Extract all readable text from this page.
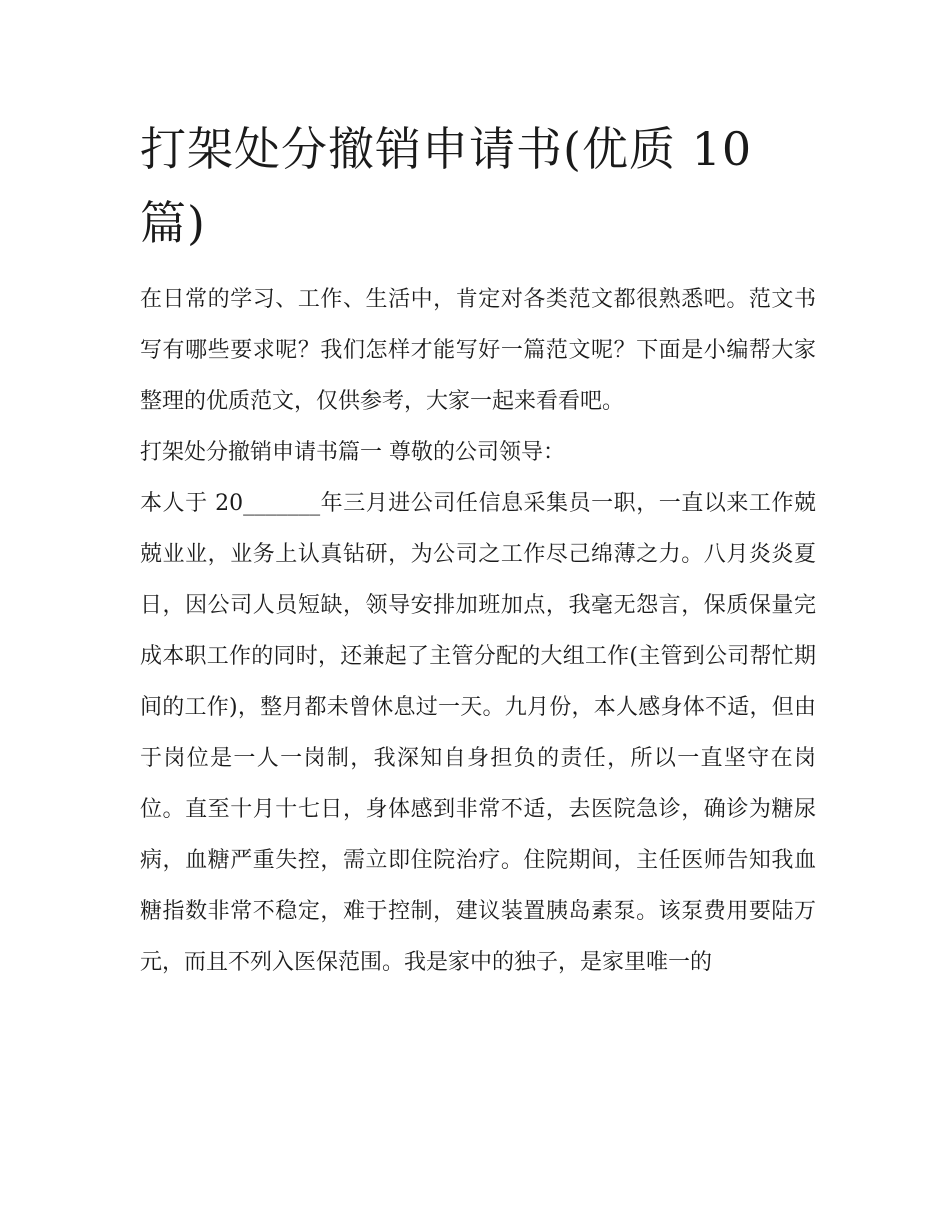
打架处分撤销申请书(优质 10
篇)

在日常的学习、工作、生活中，肯定对各类范文都很熟悉吧。范文书写有哪些要求呢？我们怎样才能写好一篇范文呢？下面是小编帮大家整理的优质范文，仅供参考，大家一起来看看吧。

打架处分撤销申请书篇一 尊敬的公司领导：

本人于 20_______年三月进公司任信息采集员一职，一直以来工作兢兢业业，业务上认真钻研，为公司之工作尽己绵薄之力。八月炎炎夏日，因公司人员短缺，领导安排加班加点，我毫无怨言，保质保量完成本职工作的同时，还兼起了主管分配的大组工作(主管到公司帮忙期间的工作)，整月都未曾休息过一天。九月份，本人感身体不适，但由于岗位是一人一岗制，我深知自身担负的责任，所以一直坚守在岗位。直至十月十七日，身体感到非常不适，去医院急诊，确诊为糖尿病，血糖严重失控，需立即住院治疗。住院期间，主任医师告知我血糖指数非常不稳定，难于控制，建议装置胰岛素泵。该泵费用要陆万元，而且不列入医保范围。我是家中的独子，是家里唯一的
